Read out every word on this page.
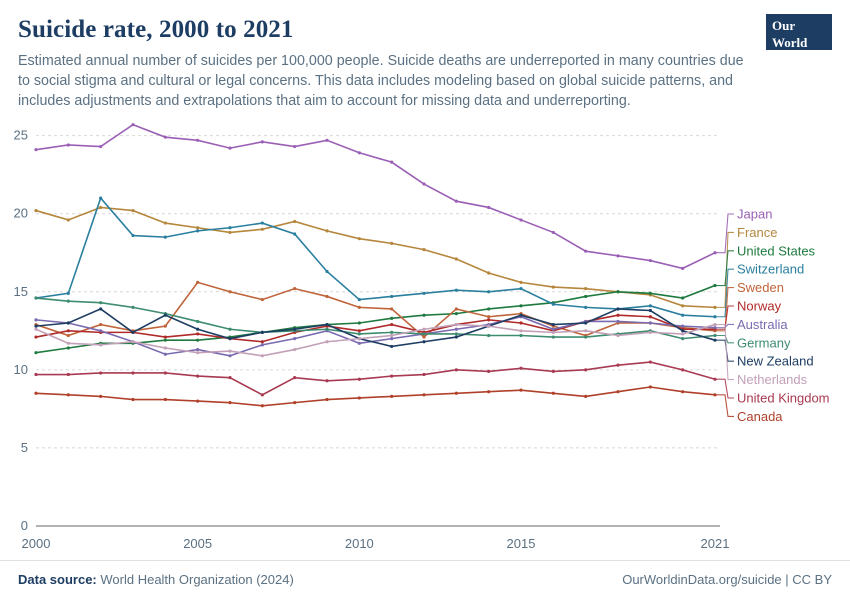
Suicide rate, 2000 to 2021

Estimated annual number of suicides per 100,000 people. Suicide deaths are underreported in many countries due to social stigma and cultural or legal concerns. This data includes modeling based on global suicide patterns, and includes adjustments and extrapolations that aim to account for missing data and underreporting.

Our World
in Data
0
5
10
15
20
25
2000	2005	2010	2015	2021
Japan
France
United States
Switzerland
Sweden
Norway
Australia
Germany
New Zealand
Netherlands
United Kingdom
Canada
Data source: World Health Organization (2024)	OurWorldinData.org/suicide | CC BY
